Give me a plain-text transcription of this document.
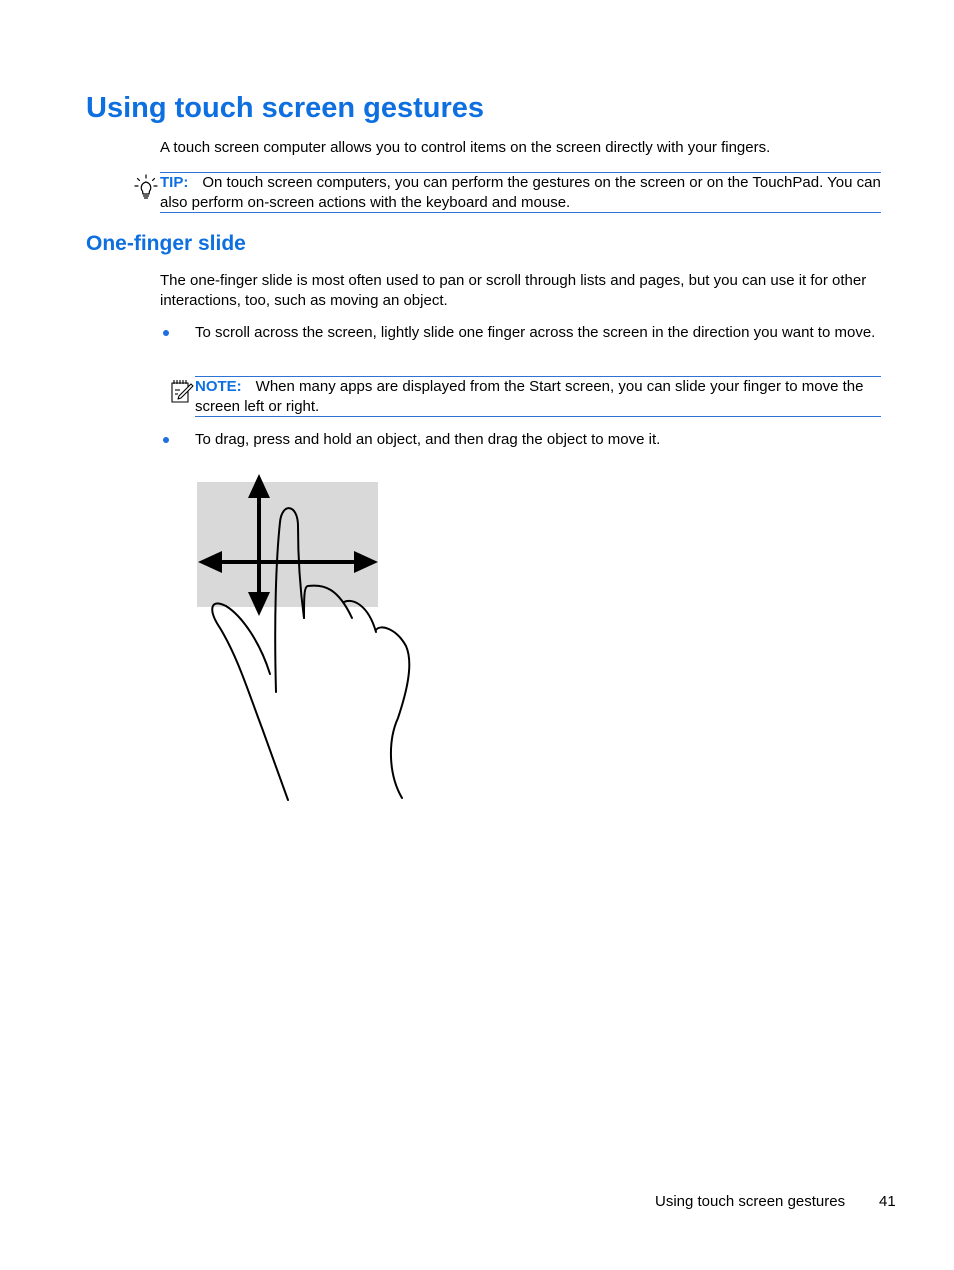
Using touch screen gestures

A touch screen computer allows you to control items on the screen directly with your fingers.

TIP: On touch screen computers, you can perform the gestures on the screen or on the TouchPad. You can also perform on-screen actions with the keyboard and mouse.
One-finger slide

The one-finger slide is most often used to pan or scroll through lists and pages, but you can use it for other interactions, too, such as moving an object.

To scroll across the screen, lightly slide one finger across the screen in the direction you want to move.

NOTE: When many apps are displayed from the Start screen, you can slide your finger to move the screen left or right.

To drag, press and hold an object, and then drag the object to move it.

Using touch screen gestures 41
